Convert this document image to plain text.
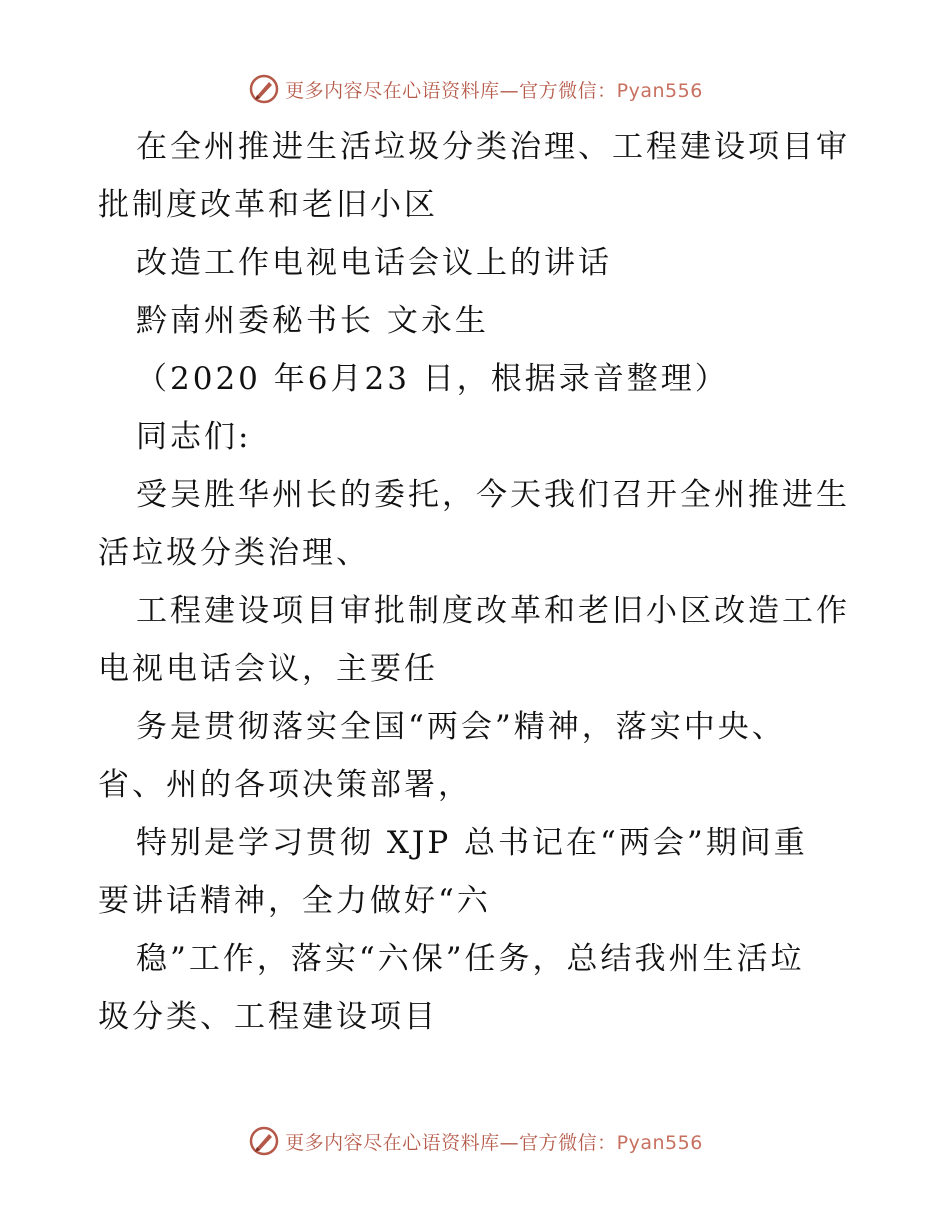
更多内容尽在心语资料库—官方微信：Pyan556
在全州推进生活垃圾分类治理、工程建设项目审
批制度改革和老旧小区
改造工作电视电话会议上的讲话
黔南州委秘书长 文永生
（2020 年6月23 日，根据录音整理）
同志们:
受吴胜华州长的委托，今天我们召开全州推进生
活垃圾分类治理、
工程建设项目审批制度改革和老旧小区改造工作
电视电话会议，主要任
务是贯彻落实全国“两会”精神，落实中央、
省、州的各项决策部署，
特别是学习贯彻 XJP 总书记在“两会”期间重
要讲话精神，全力做好“六
稳”工作，落实“六保”任务，总结我州生活垃
圾分类、工程建设项目
更多内容尽在心语资料库—官方微信：Pyan556
